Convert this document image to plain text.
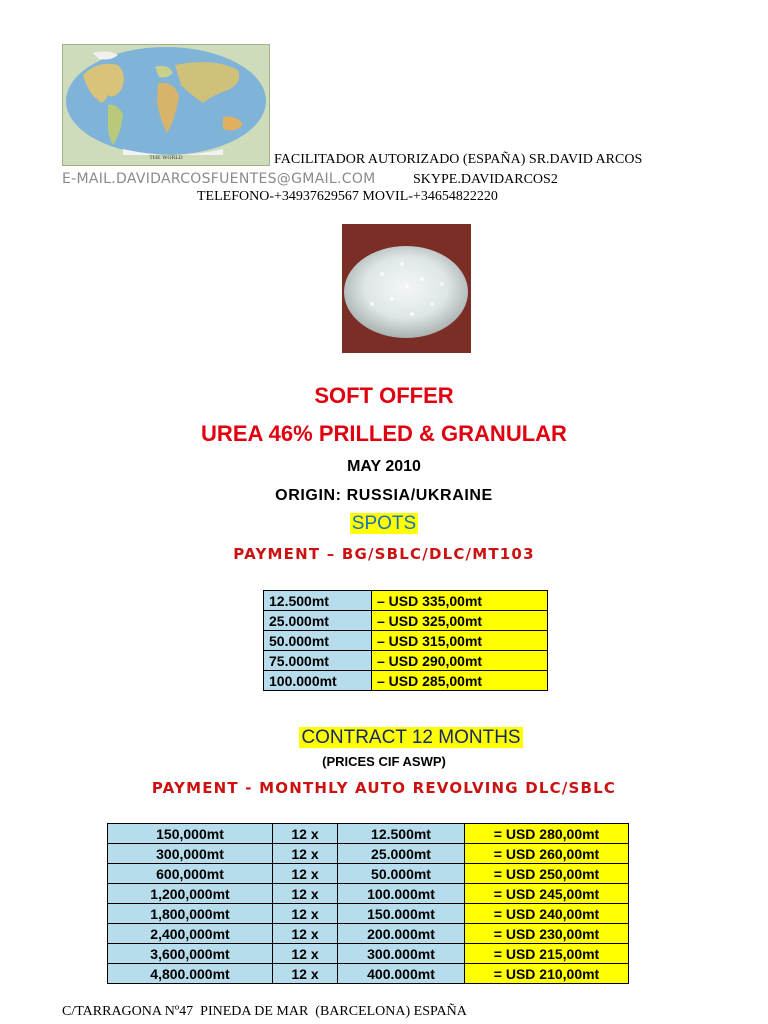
THE WORLD	FACILITADOR AUTORIZADO (ESPAÑA) SR.DAVID ARCOS
E-MAIL.DAVIDARCOSFUENTES@GMAIL.COM	SKYPE.DAVIDARCOS2
TELEFONO-+34937629567 MOVIL-+34654822220
SOFT OFFER
UREA 46% PRILLED & GRANULAR
MAY 2010
ORIGIN: RUSSIA/UKRAINE
SPOTS
PAYMENT – BG/SBLC/DLC/MT103
12.500mt	– USD 335,00mt
25.000mt	– USD 325,00mt
50.000mt	– USD 315,00mt
75.000mt	– USD 290,00mt
100.000mt	– USD 285,00mt
CONTRACT 12 MONTHS
(PRICES CIF ASWP)
PAYMENT - MONTHLY AUTO REVOLVING DLC/SBLC
150,000mt	12 x	12.500mt	= USD 280,00mt
300,000mt	12 x	25.000mt	= USD 260,00mt
600,000mt	12 x	50.000mt	= USD 250,00mt
1,200,000mt	12 x	100.000mt	= USD 245,00mt
1,800,000mt	12 x	150.000mt	= USD 240,00mt
2,400,000mt	12 x	200.000mt	= USD 230,00mt
3,600,000mt	12 x	300.000mt	= USD 215,00mt
4,800.000mt	12 x	400.000mt	= USD 210,00mt
C/TARRAGONA Nº47  PINEDA DE MAR  (BARCELONA) ESPAÑA
